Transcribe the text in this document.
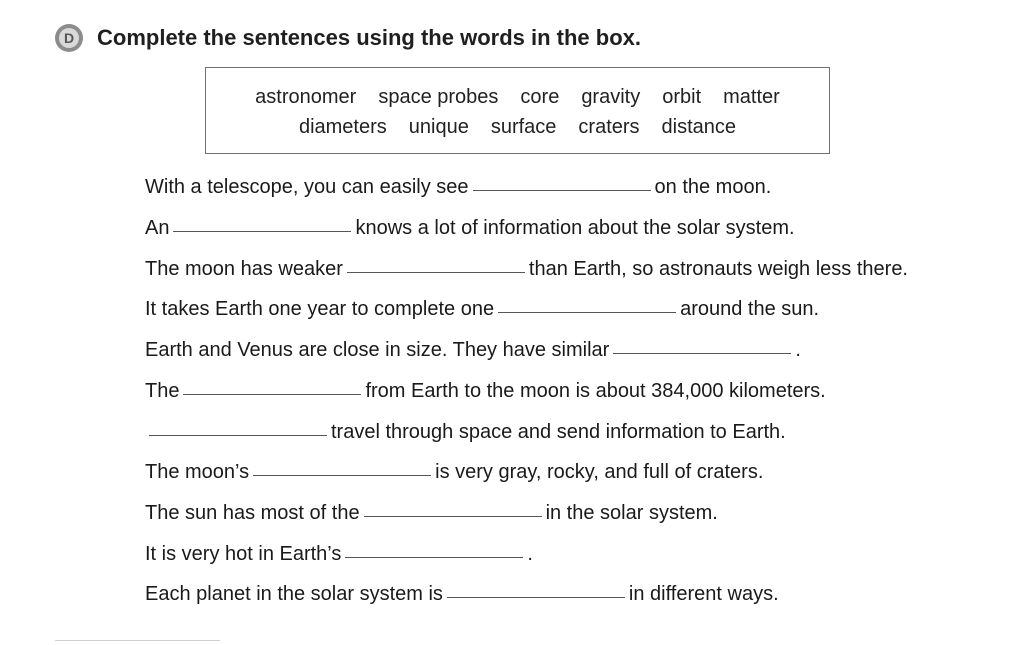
D Complete the sentences using the words in the box.
astronomer space probes core gravity orbit matter
diameters unique surface craters distance
With a telescope, you can easily see	on the moon.
An	knows a lot of information about the solar system.
The moon has weaker	than Earth, so astronauts weigh less there.
It takes Earth one year to complete one	around the sun.
Earth and Venus are close in size. They have similar	.
The	from Earth to the moon is about 384,000 kilometers.
travel through space and send information to Earth.
The moon’s	is very gray, rocky, and full of craters.
The sun has most of the	in the solar system.
It is very hot in Earth’s	.
Each planet in the solar system is	in different ways.
